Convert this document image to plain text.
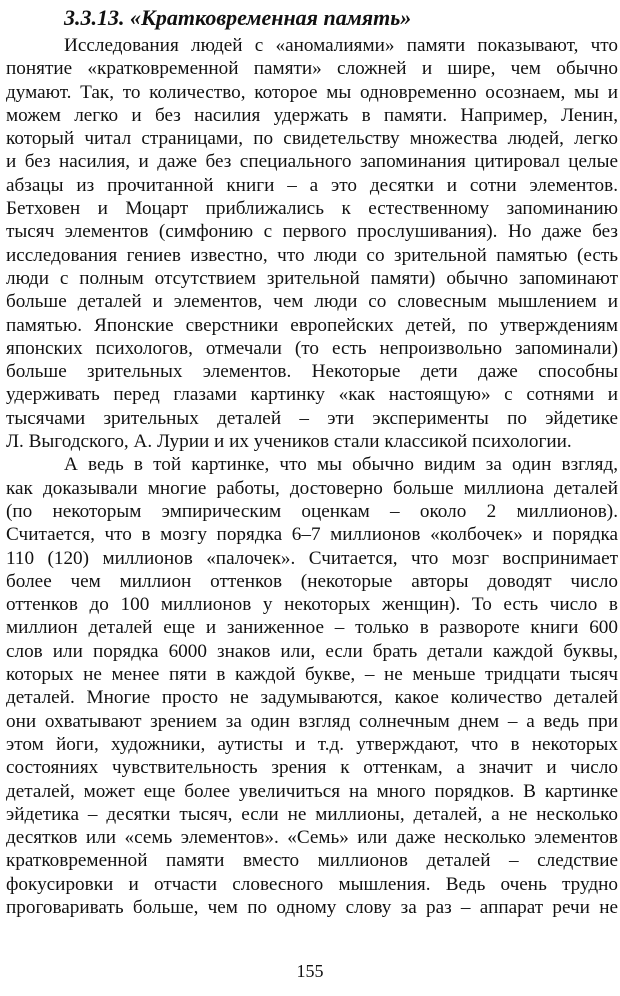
3.3.13. «Кратковременная память»
Исследования людей с «аномалиями» памяти показывают, что
понятие «кратковременной памяти» сложней и шире, чем обычно
думают. Так, то количество, которое мы одновременно осознаем, мы и
можем легко и без насилия удержать в памяти. Например, Ленин,
который читал страницами, по свидетельству множества людей, легко
и без насилия, и даже без специального запоминания цитировал целые
абзацы из прочитанной книги – а это десятки и сотни элементов.
Бетховен и Моцарт приближались к естественному запоминанию
тысяч элементов (симфонию с первого прослушивания). Но даже без
исследования гениев известно, что люди со зрительной памятью (есть
люди с полным отсутствием зрительной памяти) обычно запоминают
больше деталей и элементов, чем люди со словесным мышлением и
памятью. Японские сверстники европейских детей, по утверждениям
японских психологов, отмечали (то есть непроизвольно запоминали)
больше зрительных элементов. Некоторые дети даже способны
удерживать перед глазами картинку «как настоящую» с сотнями и
тысячами зрительных деталей – эти эксперименты по эйдетике
Л. Выгодского, А. Лурии и их учеников стали классикой психологии.
А ведь в той картинке, что мы обычно видим за один взгляд,
как доказывали многие работы, достоверно больше миллиона деталей
(по некоторым эмпирическим оценкам – около 2 миллионов).
Считается, что в мозгу порядка 6–7 миллионов «колбочек» и порядка
110 (120) миллионов «палочек». Считается, что мозг воспринимает
более чем миллион оттенков (некоторые авторы доводят число
оттенков до 100 миллионов у некоторых женщин). То есть число в
миллион деталей еще и заниженное – только в развороте книги 600
слов или порядка 6000 знаков или, если брать детали каждой буквы,
которых не менее пяти в каждой букве, – не меньше тридцати тысяч
деталей. Многие просто не задумываются, какое количество деталей
они охватывают зрением за один взгляд солнечным днем – а ведь при
этом йоги, художники, аутисты и т.д. утверждают, что в некоторых
состояниях чувствительность зрения к оттенкам, а значит и число
деталей, может еще более увеличиться на много порядков. В картинке
эйдетика – десятки тысяч, если не миллионы, деталей, а не несколько
десятков или «семь элементов». «Семь» или даже несколько элементов
кратковременной памяти вместо миллионов деталей – следствие
фокусировки и отчасти словесного мышления. Ведь очень трудно
проговаривать больше, чем по одному слову за раз – аппарат речи не
155
